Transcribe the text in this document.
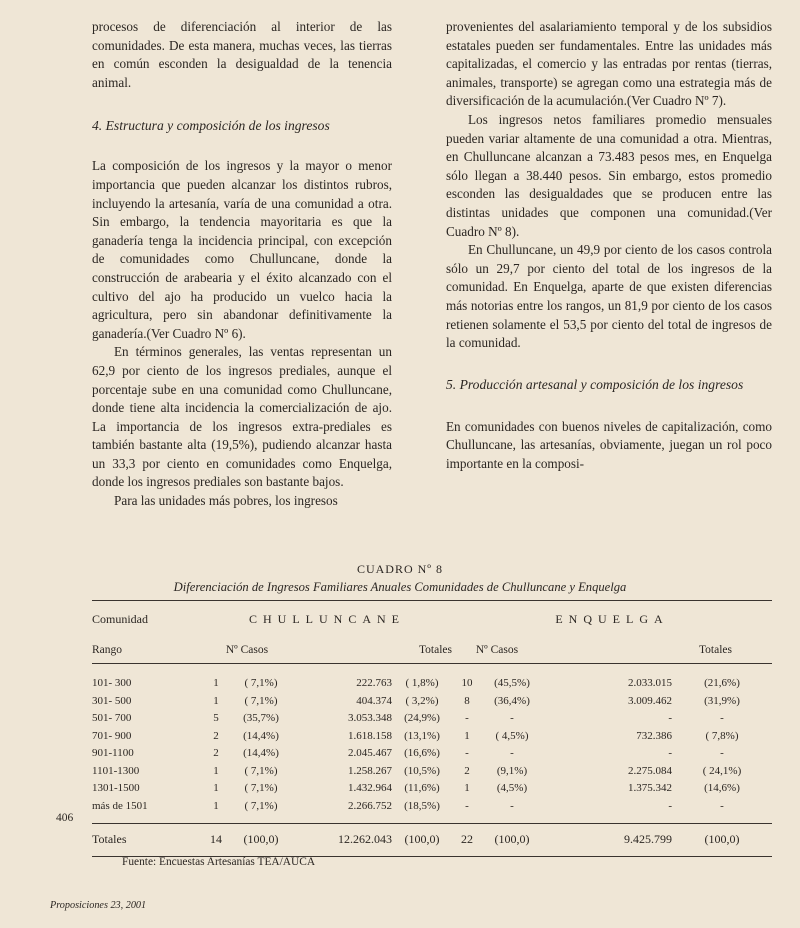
procesos de diferenciación al interior de las comunidades. De esta manera, muchas veces, las tierras en común esconden la desigualdad de la tenencia animal.

4. Estructura y composición de los ingresos

La composición de los ingresos y la mayor o menor importancia que pueden alcanzar los distintos rubros, incluyendo la artesanía, varía de una comunidad a otra. Sin embargo, la tendencia mayoritaria es que la ganadería tenga la incidencia principal, con excepción de comunidades como Chulluncane, donde la construcción de arabearia y el éxito alcanzado con el cultivo del ajo ha producido un vuelco hacia la agricultura, pero sin abandonar definitivamente la ganadería.(Ver Cuadro Nº 6).

En términos generales, las ventas representan un 62,9 por ciento de los ingresos prediales, aunque el porcentaje sube en una comunidad como Chulluncane, donde tiene alta incidencia la comercialización de ajo. La importancia de los ingresos extra-prediales es también bastante alta (19,5%), pudiendo alcanzar hasta un 33,3 por ciento en comunidades como Enquelga, donde los ingresos prediales son bastante bajos.

Para las unidades más pobres, los ingresos

provenientes del asalariamiento temporal y de los subsidios estatales pueden ser fundamentales. Entre las unidades más capitalizadas, el comercio y las entradas por rentas (tierras, animales, transporte) se agregan como una estrategia más de diversificación de la acumulación.(Ver Cuadro Nº 7).

Los ingresos netos familiares promedio mensuales pueden variar altamente de una comunidad a otra. Mientras, en Chulluncane alcanzan a 73.483 pesos mes, en Enquelga sólo llegan a 38.440 pesos. Sin embargo, estos promedio esconden las desigualdades que se producen entre las distintas unidades que componen una comunidad.(Ver Cuadro Nº 8).

En Chulluncane, un 49,9 por ciento de los casos controla sólo un 29,7 por ciento del total de los ingresos de la comunidad. En Enquelga, aparte de que existen diferencias más notorias entre los rangos, un 81,9 por ciento de los casos retienen solamente el 53,5 por ciento del total de ingresos de la comunidad.

5. Producción artesanal y composición de los ingresos

En comunidades con buenos niveles de capitalización, como Chulluncane, las artesanías, obviamente, juegan un rol poco importante en la composi-

CUADRO Nº 8
Diferenciación de Ingresos Familiares Anuales Comunidades de Chulluncane y Enquelga
Comunidad	CHULLUNCANE				ENQUELGA			
Rango	Nº Casos		Totales		Nº Casos		Totales	
101- 300	1	( 7,1%)	222.763	( 1,8%)	10	(45,5%)	2.033.015	(21,6%)
301- 500	1	( 7,1%)	404.374	( 3,2%)	8	(36,4%)	3.009.462	(31,9%)
501- 700	5	(35,7%)	3.053.348	(24,9%)	-	-	-	-
701- 900	2	(14,4%)	1.618.158	(13,1%)	1	( 4,5%)	732.386	( 7,8%)
901-1100	2	(14,4%)	2.045.467	(16,6%)	-	-	-	-
1101-1300	1	( 7,1%)	1.258.267	(10,5%)	2	(9,1%)	2.275.084	( 24,1%)
1301-1500	1	( 7,1%)	1.432.964	(11,6%)	1	(4,5%)	1.375.342	(14,6%)
más de 1501	1	( 7,1%)	2.266.752	(18,5%)	-	-	-	-
Totales	14	(100,0)	12.262.043	(100,0)	22	(100,0)	9.425.799	(100,0)
Fuente: Encuestas Artesanías TEA/AUCA
406
Proposiciones 23, 2001
